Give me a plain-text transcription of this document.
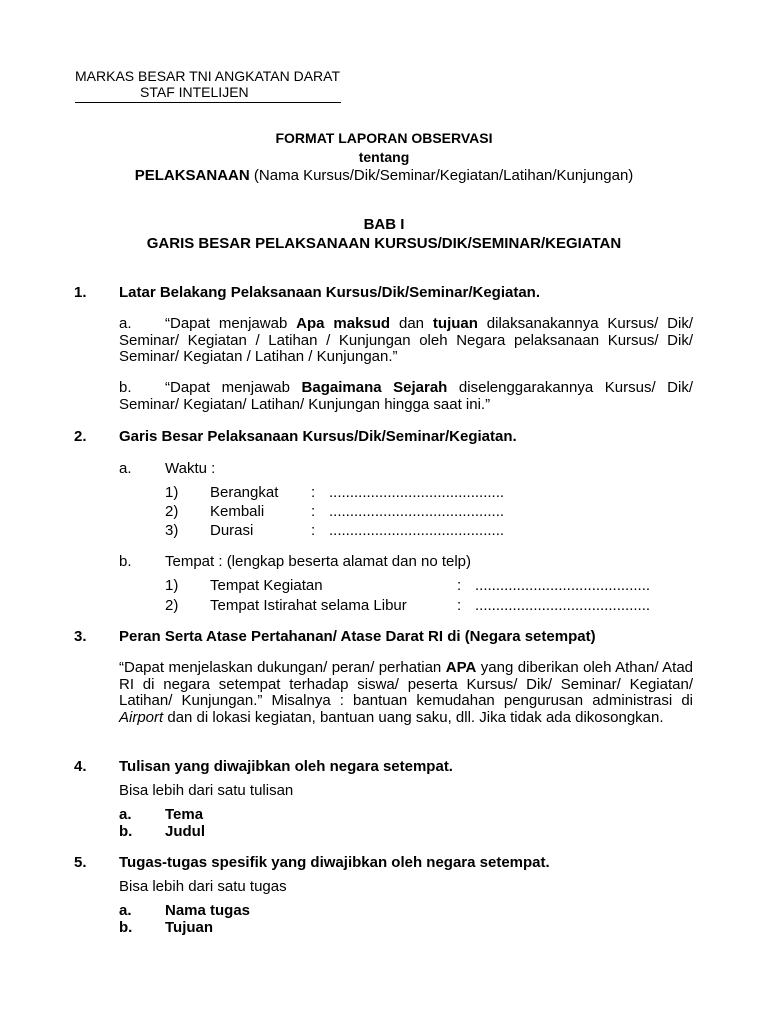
MARKAS BESAR TNI ANGKATAN DARAT
STAF INTELIJEN
FORMAT LAPORAN OBSERVASI
tentang
PELAKSANAAN (Nama Kursus/Dik/Seminar/Kegiatan/Latihan/Kunjungan)
BAB I
GARIS BESAR PELAKSANAAN KURSUS/DIK/SEMINAR/KEGIATAN
1. Latar Belakang Pelaksanaan Kursus/Dik/Seminar/Kegiatan.
a. “Dapat menjawab Apa maksud dan tujuan dilaksanakannya Kursus/ Dik/ Seminar/ Kegiatan / Latihan / Kunjungan oleh Negara pelaksanaan Kursus/ Dik/ Seminar/ Kegiatan / Latihan / Kunjungan.”
b. “Dapat menjawab Bagaimana Sejarah diselenggarakannya Kursus/ Dik/ Seminar/ Kegiatan/ Latihan/ Kunjungan hingga saat ini.”
2. Garis Besar Pelaksanaan Kursus/Dik/Seminar/Kegiatan.
a. Waktu :
1) Berangkat : ..........................................
2) Kembali	: ..........................................
3) Durasi	: ..........................................
b. Tempat : (lengkap beserta alamat dan no telp)
1) Tempat Kegiatan	: ..........................................
2) Tempat Istirahat selama Libur	: ..........................................
3. Peran Serta Atase Pertahanan/ Atase Darat RI di (Negara setempat)
“Dapat menjelaskan dukungan/ peran/ perhatian APA yang diberikan oleh Athan/ Atad RI di negara setempat terhadap siswa/ peserta Kursus/ Dik/ Seminar/ Kegiatan/ Latihan/ Kunjungan.” Misalnya : bantuan kemudahan pengurusan administrasi di Airport dan di lokasi kegiatan, bantuan uang saku, dll. Jika tidak ada dikosongkan.
4. Tulisan yang diwajibkan oleh negara setempat.
Bisa lebih dari satu tulisan
a. Tema
b. Judul
5. Tugas-tugas spesifik yang diwajibkan oleh negara setempat.
Bisa lebih dari satu tugas
a. Nama tugas
b. Tujuan
